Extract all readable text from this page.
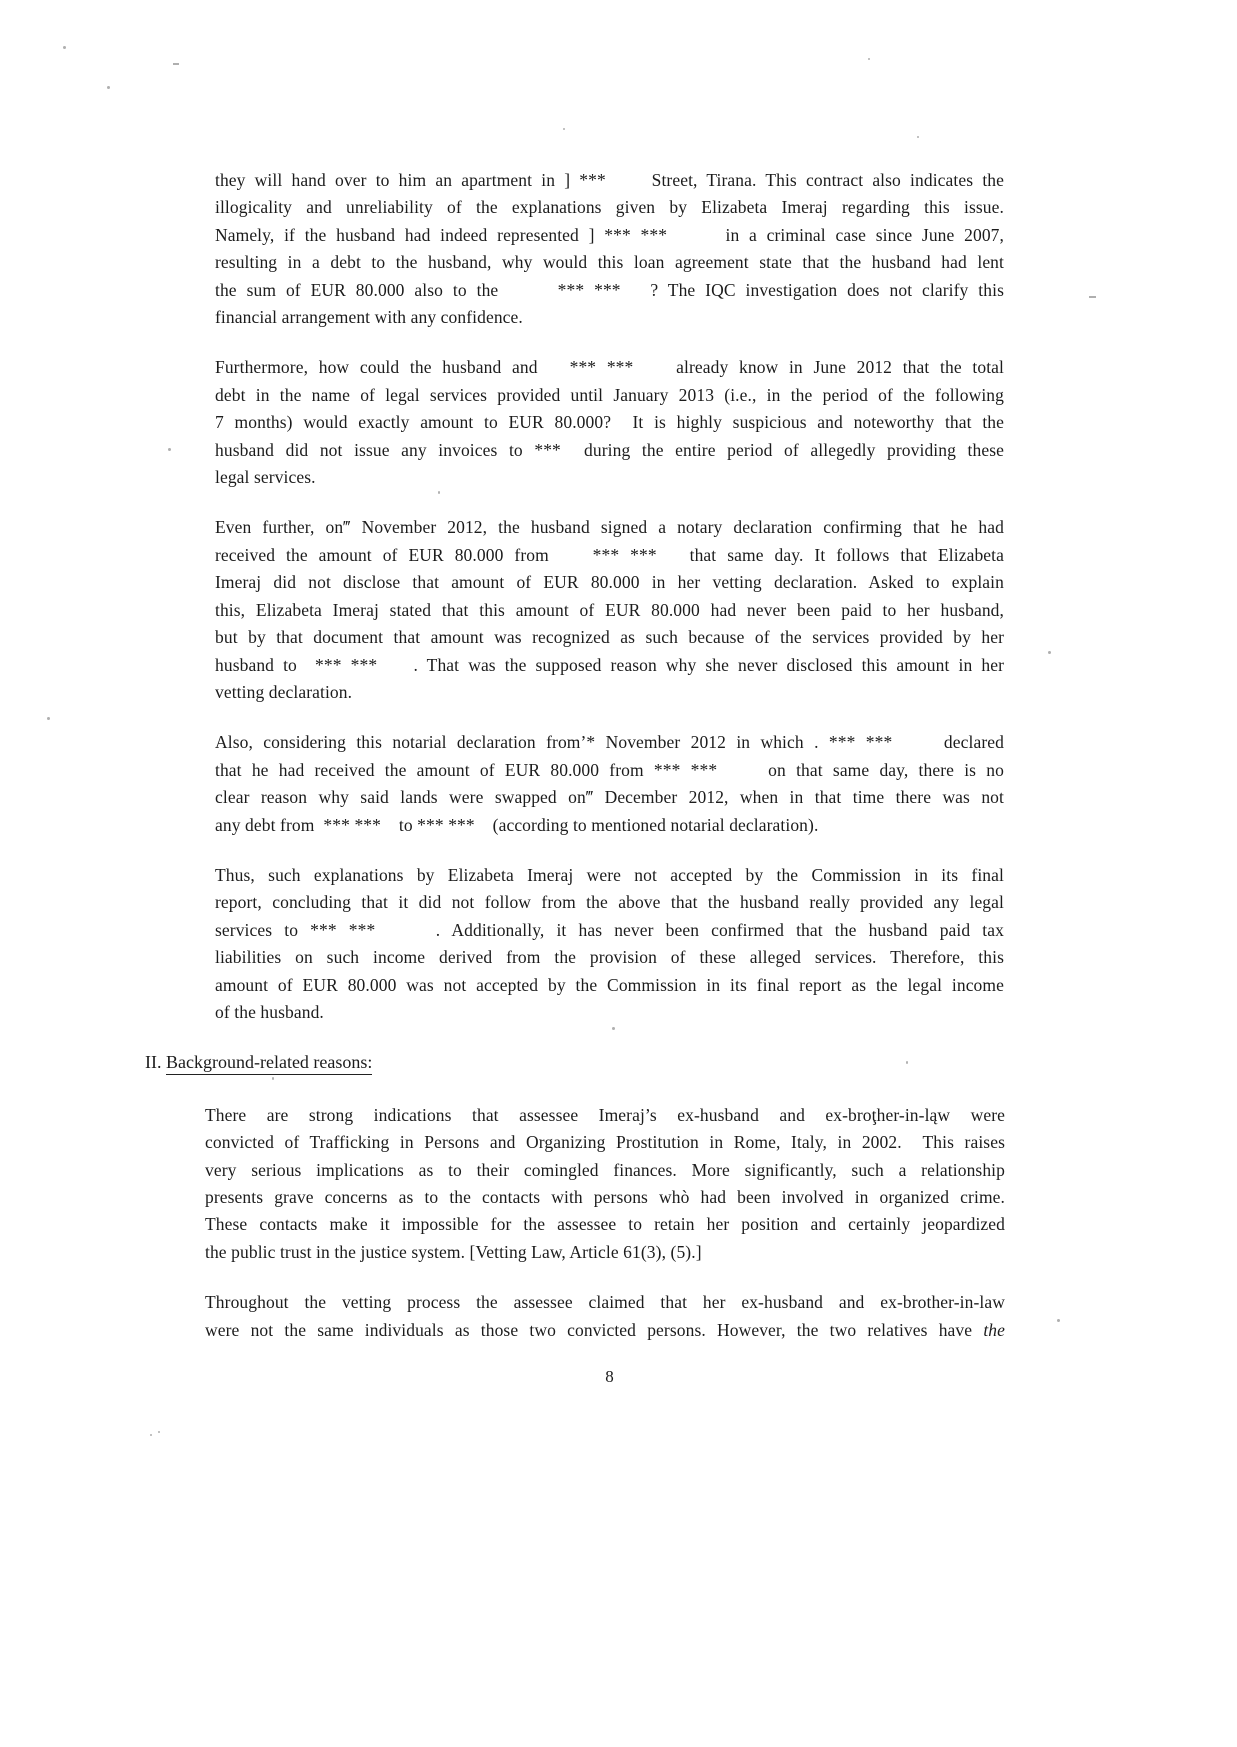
they will hand over to him an apartment in ] ***     Street, Tirana. This contract also indicates the
illogicality and unreliability of the explanations given by Elizabeta Imeraj regarding this issue.
Namely, if the husband had indeed represented ] *** ***      in a criminal case since June 2007,
resulting in a debt to the husband, why would this loan agreement state that the husband had lent
the sum of EUR 80.000 also to the      *** ***   ? The IQC investigation does not clarify this
financial arrangement with any confidence.
Furthermore, how could the husband and   *** ***    already know in June 2012 that the total
debt in the name of legal services provided until January 2013 (i.e., in the period of the following
7 months) would exactly amount to EUR 80.000?  It is highly suspicious and noteworthy that the
husband did not issue any invoices to ***  during the entire period of allegedly providing these
legal services.
Even further, on‴ November 2012, the husband signed a notary declaration confirming that he had
received the amount of EUR 80.000 from    *** ***   that same day. It follows that Elizabeta
Imeraj did not disclose that amount of EUR 80.000 in her vetting declaration. Asked to explain
this, Elizabeta Imeraj stated that this amount of EUR 80.000 had never been paid to her husband,
but by that document that amount was recognized as such because of the services provided by her
husband to  *** ***    . That was the supposed reason why she never disclosed this amount in her
vetting declaration.
Also, considering this notarial declaration from’* November 2012 in which . *** ***     declared
that he had received the amount of EUR 80.000 from *** ***     on that same day, there is no
clear reason why said lands were swapped on‴ December 2012, when in that time there was not
any debt from  *** ***    to *** ***    (according to mentioned notarial declaration).
Thus, such explanations by Elizabeta Imeraj were not accepted by the Commission in its final
report, concluding that it did not follow from the above that the husband really provided any legal
services to *** ***     . Additionally, it has never been confirmed that the husband paid tax
liabilities on such income derived from the provision of these alleged services. Therefore, this
amount of EUR 80.000 was not accepted by the Commission in its final report as the legal income
of the husband.
II. Background-related reasons:
There are strong indications that assessee Imeraj’s ex-husband and ex-broţher-in-ląw were
convicted of Trafficking in Persons and Organizing Prostitution in Rome, Italy, in 2002.  This raises
very serious implications as to their comingled finances. More significantly, such a relationship
presents grave concerns as to the contacts with persons whò had been involved in organized crime.
These contacts make it impossible for the assessee to retain her position and certainly jeopardized
the public trust in the justice system. [Vetting Law, Article 61(3), (5).]
Throughout the vetting process the assessee claimed that her ex-husband and ex-brother-in-law
were not the same individuals as those two convicted persons. However, the two relatives have the
8
